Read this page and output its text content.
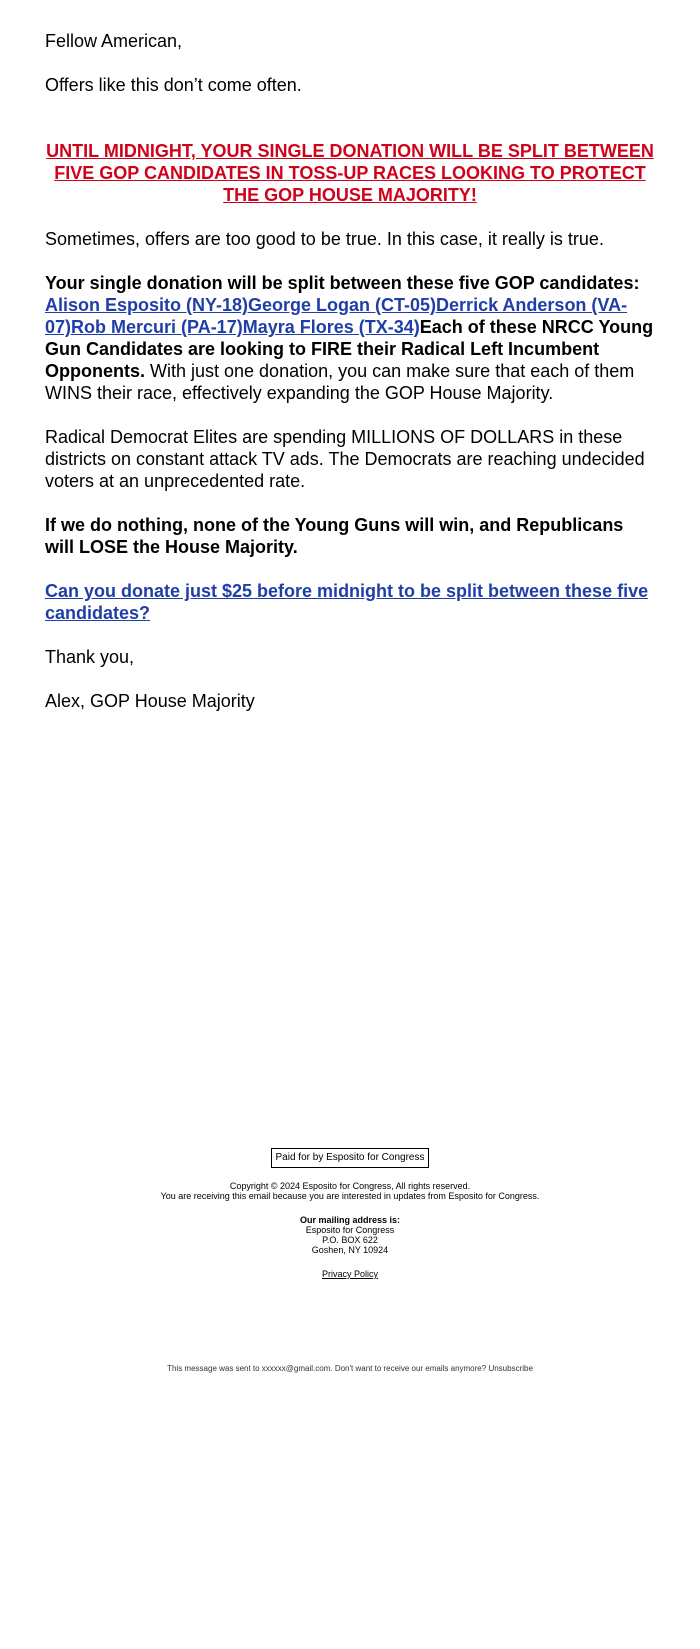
Fellow American,

Offers like this don’t come often.

UNTIL MIDNIGHT, YOUR SINGLE DONATION WILL BE SPLIT BETWEEN FIVE GOP CANDIDATES IN TOSS-UP RACES LOOKING TO PROTECT THE GOP HOUSE MAJORITY!

Sometimes, offers are too good to be true. In this case, it really is true.

Your single donation will be split between these five GOP candidates: Alison Esposito (NY-18)George Logan (CT-05)Derrick Anderson (VA-07)Rob Mercuri (PA-17)Mayra Flores (TX-34)Each of these NRCC Young Gun Candidates are looking to FIRE their Radical Left Incumbent Opponents. With just one donation, you can make sure that each of them WINS their race, effectively expanding the GOP House Majority.

Radical Democrat Elites are spending MILLIONS OF DOLLARS in these districts on constant attack TV ads. The Democrats are reaching undecided voters at an unprecedented rate.

If we do nothing, none of the Young Guns will win, and Republicans will LOSE the House Majority.

Can you donate just $25 before midnight to be split between these five candidates?

Thank you,

Alex, GOP House Majority

Paid for by Esposito for Congress
Copyright © 2024 Esposito for Congress, All rights reserved.
You are receiving this email because you are interested in updates from Esposito for Congress.
Our mailing address is:
Esposito for Congress
P.O. BOX 622
Goshen, NY 10924
Privacy Policy
This message was sent to xxxxxx@gmail.com. Don't want to receive our emails anymore? Unsubscribe
